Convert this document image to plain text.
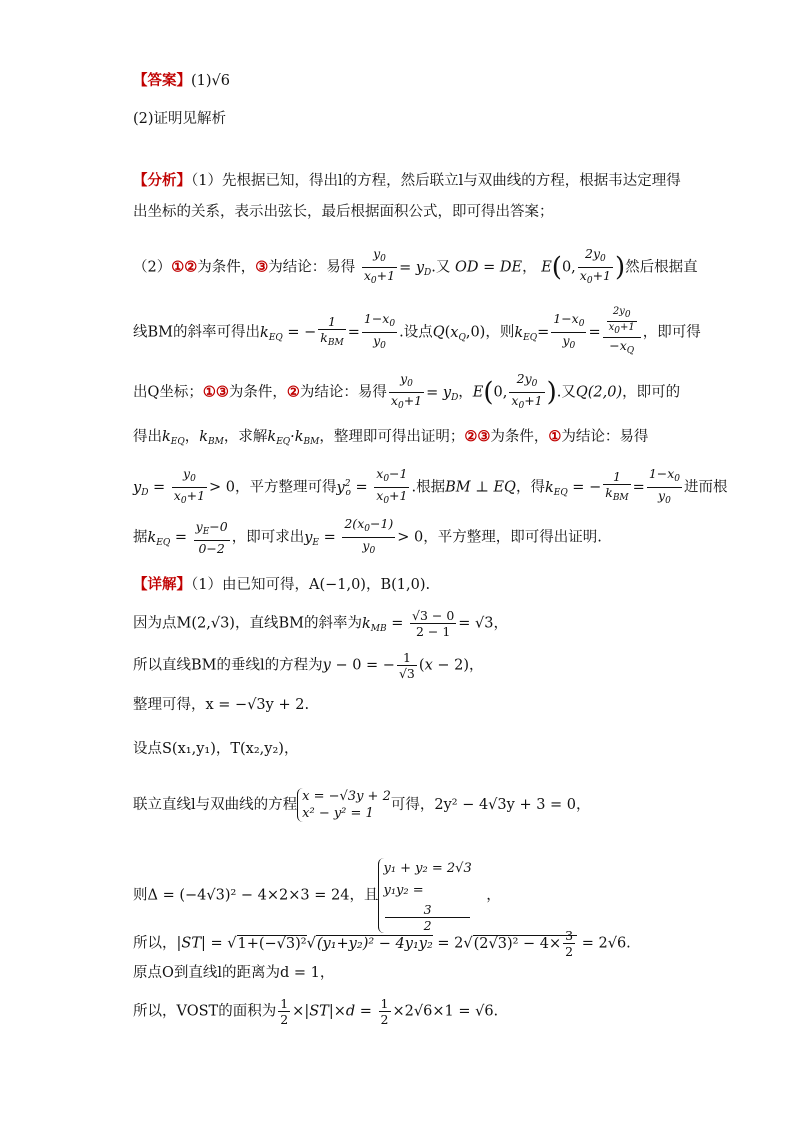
【答案】(1)√6
(2)证明见解析
【分析】（1）先根据已知，得出l的方程，然后联立l与双曲线的方程，根据韦达定理得
出坐标的关系，表示出弦长，最后根据面积公式，即可得出答案；
（2）①②为条件，③为结论：易得 $\frac{y_0}{x_0+1} = y_D$.又 OD = DE， E(0, $\frac{2y_0}{x_0+1}$ )然后根据直
线BM的斜率可得出$k_{EQ}$ = − $\frac{1}{k_{BM}} = \frac{1-x_0}{y_0}$ .设点$Q(x_Q,0)$，则$k_{EQ}= \frac{1-x_0}{y_0} = \frac{\frac{2y0}{x0+1}}{-x_Q}$ ，即可得
出Q坐标；①③为条件，②为结论：易得 $\frac{y_0}{x_0+1} = y_D$，E(0, $\frac{2y_0}{x_0+1}$ ).又Q(2,0)，即可的
得出$k_{EQ}$，$k_{BM}$，求解$k_{EQ}\cdot k_{BM}$，整理即可得出证明；②③为条件，①为结论：易得
$y_D = \frac{y_0}{x_0+1} > 0$，平方整理可得$y^2_o = \frac{x_0-1}{x_0+1}$ .根据BM ⊥ EQ，得$k_{EQ}$ = − $\frac{1}{k_{BM}} = \frac{1-x_0}{y_0}$ 进而根
据$k_{EQ} = \frac{y_E-0}{0-2}$ ，即可求出$y_E = \frac{2(x_0-1)}{y_0} > 0$，平方整理，即可得出证明.
【详解】（1）由已知可得，A(−1,0)，B(1,0).
因为点M(2,√3)，直线BM的斜率为$k_{MB} = \frac{√3 - 0}{2 - 1} = √3$，
所以直线BM的垂线l的方程为y − 0 = − $\frac{1}{√3} (x - 2)$，
整理可得，x = −√3y + 2.
设点S(x₁,y₁)，T(x₂,y₂)，
联立直线l与双曲线的方程
x = −√3y + 2
x² − y² = 1
可得，2y² − 4√3y + 3 = 0，
则Δ = (−4√3)² − 4×2×3 = 24，且
y₁ + y₂ = 2√3
y₁y₂ =
3
2
　，
所以，$|ST| = √1+(-√3)^2√(y_1+y_2)^2 - 4y_1y_2 = 2√(2√3)^2 - 4\times \frac{3}{2} = 2√6$.
原点O到直线l的距离为d = 1，
所以，VOST的面积为 $\frac{1}{2} \times|ST|\times d = \frac{1}{2} \times 2√6\times 1 = √6$.
